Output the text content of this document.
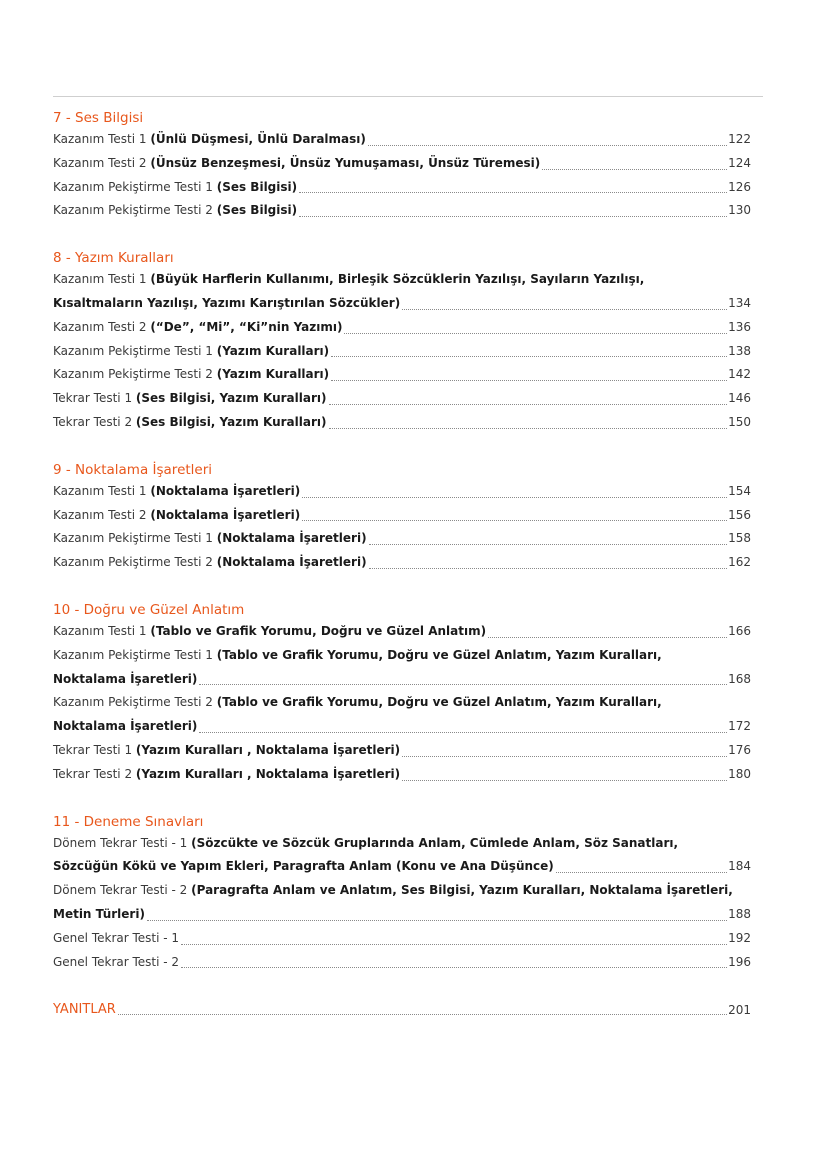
7 - Ses Bilgisi
Kazanım Testi 1 (Ünlü Düşmesi, Ünlü Daralması)	122
Kazanım Testi 2 (Ünsüz Benzeşmesi, Ünsüz Yumuşaması, Ünsüz Türemesi)	124
Kazanım Pekiştirme Testi 1 (Ses Bilgisi)	126
Kazanım Pekiştirme Testi 2 (Ses Bilgisi)	130
8 - Yazım Kuralları
Kazanım Testi 1 (Büyük Harflerin Kullanımı, Birleşik Sözcüklerin Yazılışı, Sayıların Yazılışı,
Kısaltmaların Yazılışı, Yazımı Karıştırılan Sözcükler)	134
Kazanım Testi 2 (“De”, “Mi”, “Ki”nin Yazımı)	136
Kazanım Pekiştirme Testi 1 (Yazım Kuralları)	138
Kazanım Pekiştirme Testi 2 (Yazım Kuralları)	142
Tekrar Testi 1 (Ses Bilgisi, Yazım Kuralları)	146
Tekrar Testi 2 (Ses Bilgisi, Yazım Kuralları)	150
9 - Noktalama İşaretleri
Kazanım Testi 1 (Noktalama İşaretleri)	154
Kazanım Testi 2 (Noktalama İşaretleri)	156
Kazanım Pekiştirme Testi 1 (Noktalama İşaretleri)	158
Kazanım Pekiştirme Testi 2 (Noktalama İşaretleri)	162
10 - Doğru ve Güzel Anlatım
Kazanım Testi 1 (Tablo ve Grafik Yorumu, Doğru ve Güzel Anlatım)	166
Kazanım Pekiştirme Testi 1 (Tablo ve Grafik Yorumu, Doğru ve Güzel Anlatım, Yazım Kuralları,
Noktalama İşaretleri)	168
Kazanım Pekiştirme Testi 2 (Tablo ve Grafik Yorumu, Doğru ve Güzel Anlatım, Yazım Kuralları,
Noktalama İşaretleri)	172
Tekrar Testi 1 (Yazım Kuralları , Noktalama İşaretleri)	176
Tekrar Testi 2 (Yazım Kuralları , Noktalama İşaretleri)	180
11 - Deneme Sınavları
Dönem Tekrar Testi - 1 (Sözcükte ve Sözcük Gruplarında Anlam, Cümlede Anlam, Söz Sanatları,
Sözcüğün Kökü ve Yapım Ekleri, Paragrafta Anlam (Konu ve Ana Düşünce)	184
Dönem Tekrar Testi - 2 (Paragrafta Anlam ve Anlatım, Ses Bilgisi, Yazım Kuralları, Noktalama İşaretleri,
Metin Türleri)	188
Genel Tekrar Testi - 1	192
Genel Tekrar Testi - 2	196
YANITLAR	201
